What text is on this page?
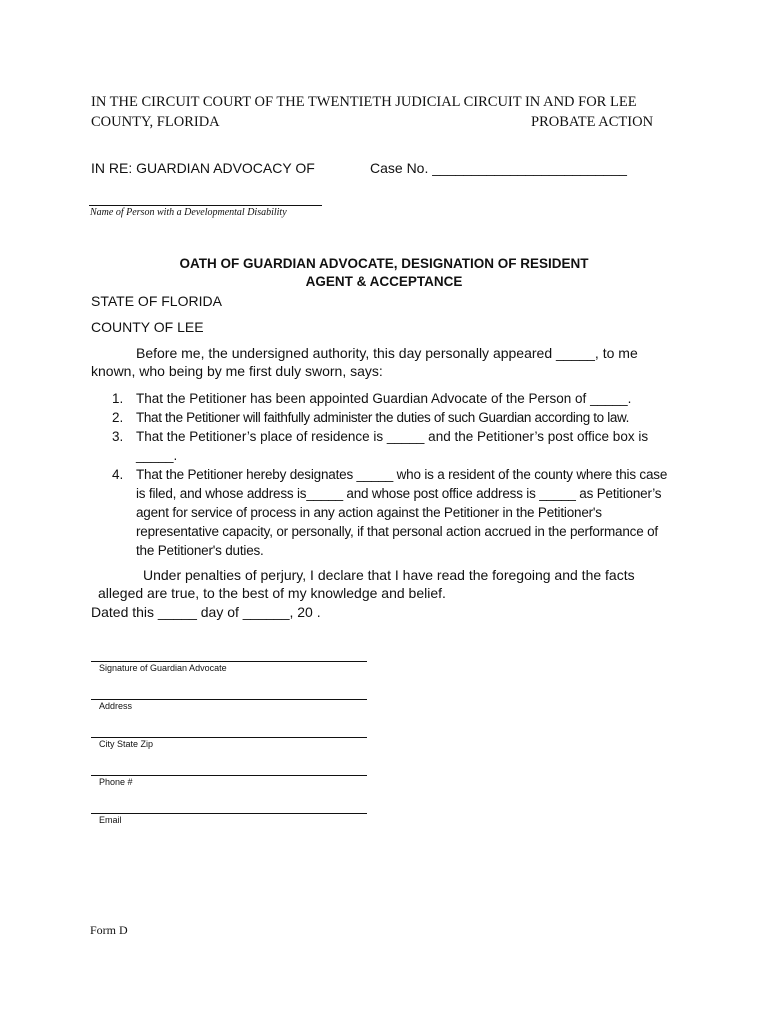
IN THE CIRCUIT COURT OF THE TWENTIETH JUDICIAL CIRCUIT IN AND FOR LEE
COUNTY, FLORIDA	PROBATE ACTION
IN RE: GUARDIAN ADVOCACY OF	Case No. _________________________
Name of Person with a Developmental Disability
OATH OF GUARDIAN ADVOCATE, DESIGNATION OF RESIDENT
AGENT & ACCEPTANCE
STATE OF FLORIDA
COUNTY OF LEE
Before me, the undersigned authority, this day personally appeared _____, to me
known, who being by me first duly sworn, says:
1. That the Petitioner has been appointed Guardian Advocate of the Person of _____.
2. That the Petitioner will faithfully administer the duties of such Guardian according to law.
3. That the Petitioner’s place of residence is _____ and the Petitioner’s post office box is _____.
4. That the Petitioner hereby designates _____ who is a resident of the county where this case is filed, and whose address is_____ and whose post office address is _____ as Petitioner’s agent for service of process in any action against the Petitioner in the Petitioner's representative capacity, or personally, if that personal action accrued in the performance of the Petitioner's duties.
Under penalties of perjury, I declare that I have read the foregoing and the facts
alleged are true, to the best of my knowledge and belief.
Dated this _____ day of ______, 20 .
Signature of Guardian Advocate
Address
City State Zip
Phone #
Email
Form D
